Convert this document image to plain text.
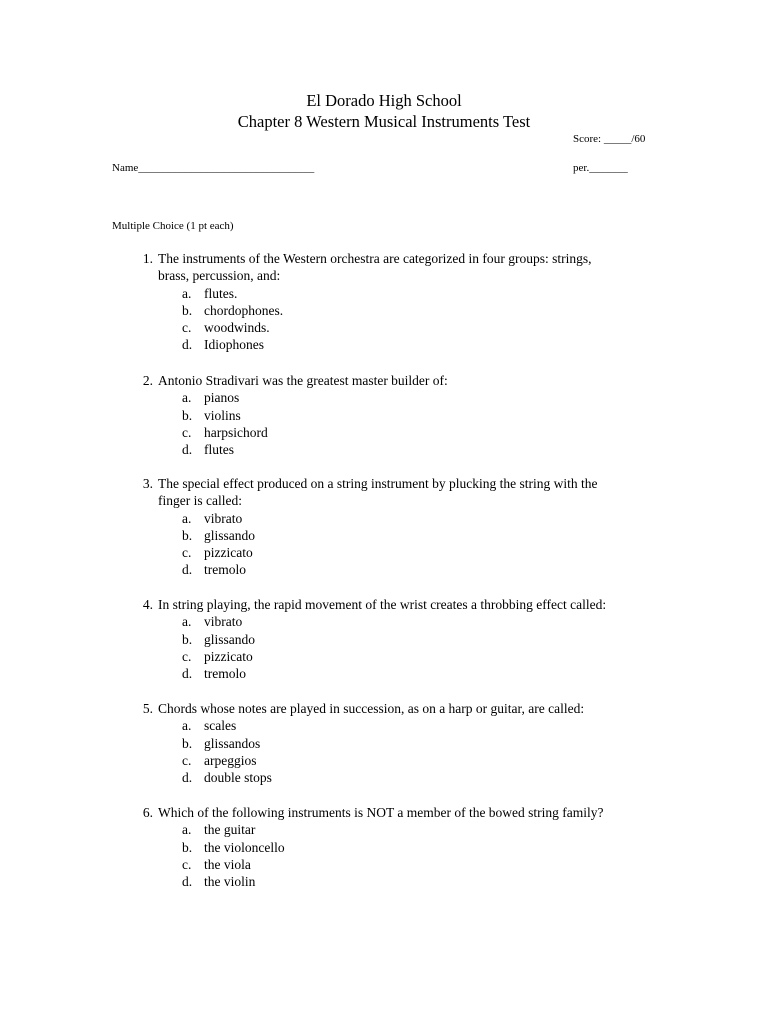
El Dorado High School
Chapter 8 Western Musical Instruments Test
Score: _____/60
Name________________________________	per._______
Multiple Choice (1 pt each)
1. The instruments of the Western orchestra are categorized in four groups: strings,
brass, percussion, and:
a. flutes.
b. chordophones.
c. woodwinds.
d. Idiophones
2. Antonio Stradivari was the greatest master builder of:
a. pianos
b. violins
c. harpsichord
d. flutes
3. The special effect produced on a string instrument by plucking the string with the
finger is called:
a. vibrato
b. glissando
c. pizzicato
d. tremolo
4. In string playing, the rapid movement of the wrist creates a throbbing effect called:
a. vibrato
b. glissando
c. pizzicato
d. tremolo
5. Chords whose notes are played in succession, as on a harp or guitar, are called:
a. scales
b. glissandos
c. arpeggios
d. double stops
6. Which of the following instruments is NOT a member of the bowed string family?
a. the guitar
b. the violoncello
c. the viola
d. the violin
